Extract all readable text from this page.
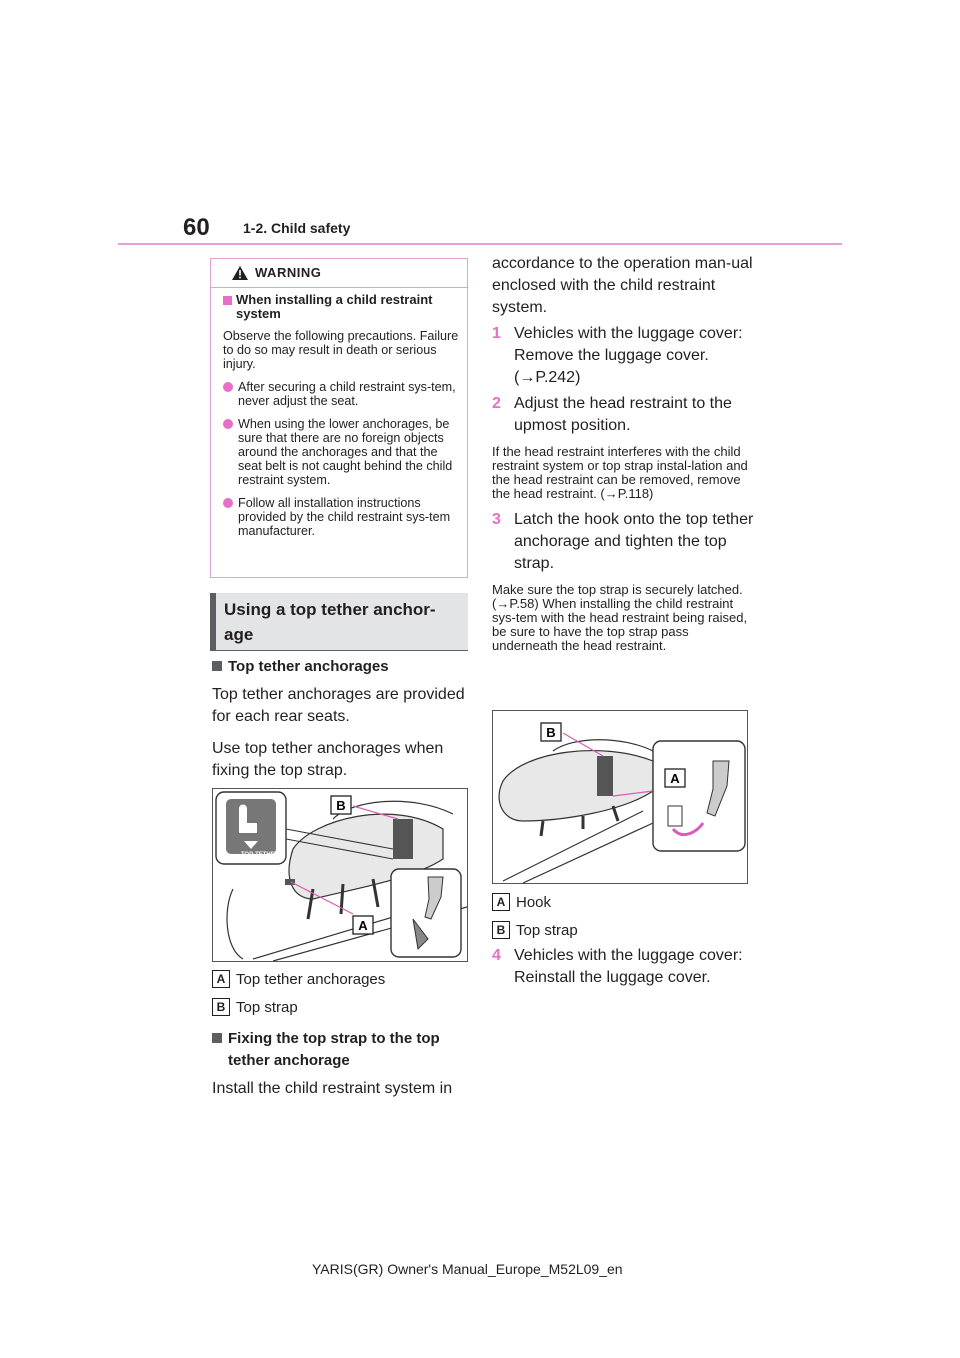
60 1-2. Child safety
WARNING
When installing a child restraint system
Observe the following precautions. Failure to do so may result in death or serious injury.
After securing a child restraint sys-tem, never adjust the seat.
When using the lower anchorages, be sure that there are no foreign objects around the anchorages and that the seat belt is not caught behind the child restraint system.
Follow all installation instructions provided by the child restraint sys-tem manufacturer.
Using a top tether anchor-age
Top tether anchorages
Top tether anchorages are provided for each rear seats.
Use top tether anchorages when fixing the top strap.
B
A
TOP-TETHER
A Top tether anchorages
B Top strap
Fixing the top strap to the top tether anchorage
Install the child restraint system in
accordance to the operation man-ual enclosed with the child restraint system.
1 Vehicles with the luggage cover: Remove the luggage cover. (→P.242)
2 Adjust the head restraint to the upmost position.
If the head restraint interferes with the child restraint system or top strap instal-lation and the head restraint can be removed, remove the head restraint. (→P.118)
3 Latch the hook onto the top tether anchorage and tighten the top strap.
Make sure the top strap is securely latched. (→P.58) When installing the child restraint sys-tem with the head restraint being raised, be sure to have the top strap pass underneath the head restraint.
B
A
A Hook
B Top strap
4 Vehicles with the luggage cover: Reinstall the luggage cover.
YARIS(GR) Owner's Manual_Europe_M52L09_en
